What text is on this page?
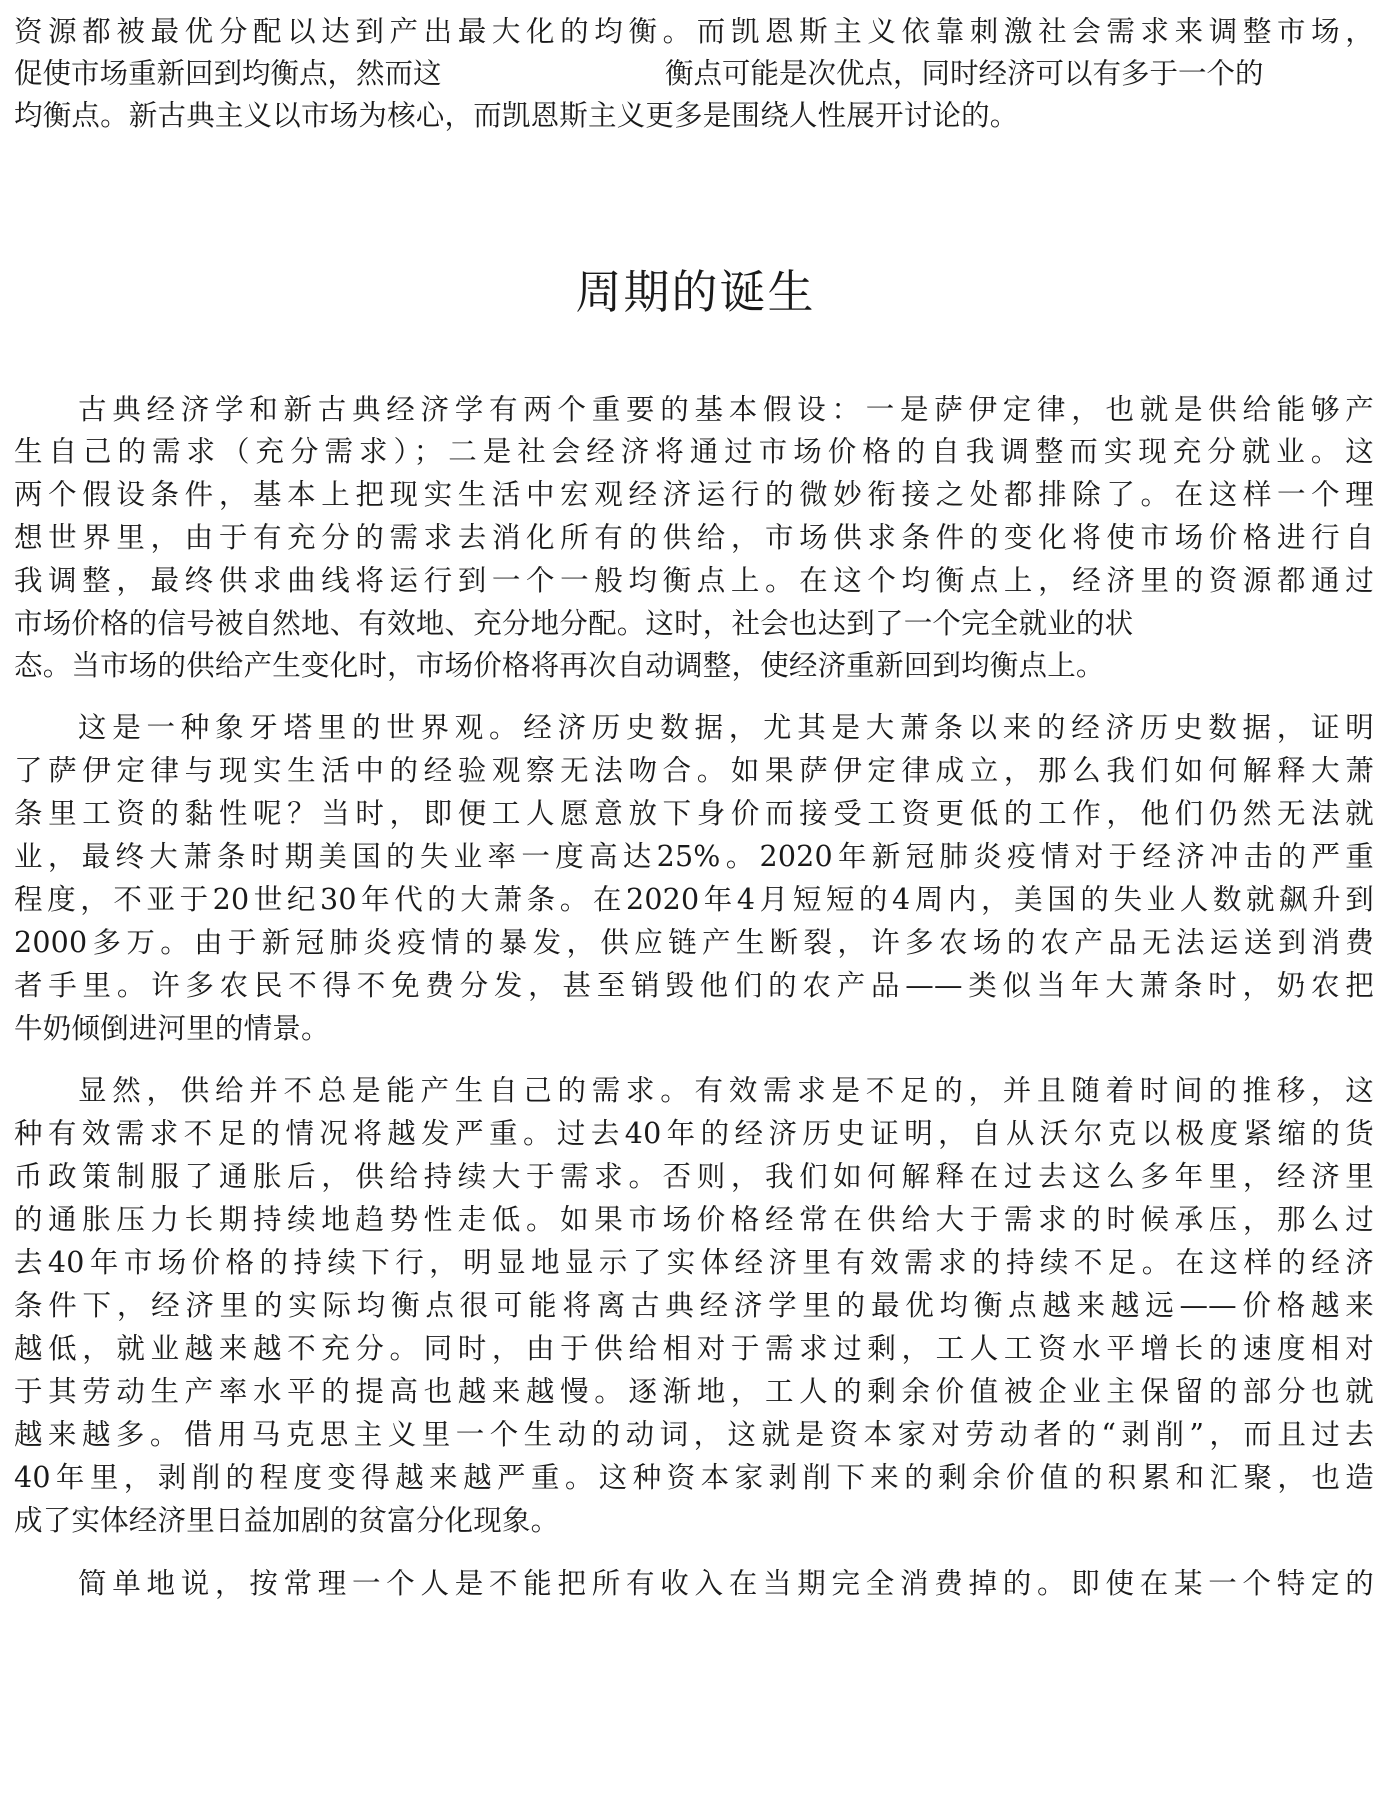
资源都被最优分配以达到产出最大化的均衡。而凯恩斯主义依靠刺激社会需求来调整市场，
促使市场重新回到均衡点，然而这	衡点可能是次优点，同时经济可以有多于一个的
均衡点。新古典主义以市场为核心，而凯恩斯主义更多是围绕人性展开讨论的。
周期的诞生
古典经济学和新古典经济学有两个重要的基本假设：一是萨伊定律，也就是供给能够产
生自己的需求（充分需求）；二是社会经济将通过市场价格的自我调整而实现充分就业。这
两个假设条件，基本上把现实生活中宏观经济运行的微妙衔接之处都排除了。在这样一个理
想世界里，由于有充分的需求去消化所有的供给，市场供求条件的变化将使市场价格进行自
我调整，最终供求曲线将运行到一个一般均衡点上。在这个均衡点上，经济里的资源都通过
市场价格的信号被自然地、有效地、充分地分配。这时，社会也达到了一个完全就业的状
态。当市场的供给产生变化时，市场价格将再次自动调整，使经济重新回到均衡点上。
这是一种象牙塔里的世界观。经济历史数据，尤其是大萧条以来的经济历史数据，证明
了萨伊定律与现实生活中的经验观察无法吻合。如果萨伊定律成立，那么我们如何解释大萧
条里工资的黏性呢？当时，即便工人愿意放下身价而接受工资更低的工作，他们仍然无法就
业，最终大萧条时期美国的失业率一度高达25%。2020年新冠肺炎疫情对于经济冲击的严重
程度，不亚于20世纪30年代的大萧条。在2020年4月短短的4周内，美国的失业人数就飙升到
2000多万。由于新冠肺炎疫情的暴发，供应链产生断裂，许多农场的农产品无法运送到消费
者手里。许多农民不得不免费分发，甚至销毁他们的农产品——类似当年大萧条时，奶农把
牛奶倾倒进河里的情景。
显然，供给并不总是能产生自己的需求。有效需求是不足的，并且随着时间的推移，这
种有效需求不足的情况将越发严重。过去40年的经济历史证明，自从沃尔克以极度紧缩的货
币政策制服了通胀后，供给持续大于需求。否则，我们如何解释在过去这么多年里，经济里
的通胀压力长期持续地趋势性走低。如果市场价格经常在供给大于需求的时候承压，那么过
去40年市场价格的持续下行，明显地显示了实体经济里有效需求的持续不足。在这样的经济
条件下，经济里的实际均衡点很可能将离古典经济学里的最优均衡点越来越远——价格越来
越低，就业越来越不充分。同时，由于供给相对于需求过剩，工人工资水平增长的速度相对
于其劳动生产率水平的提高也越来越慢。逐渐地，工人的剩余价值被企业主保留的部分也就
越来越多。借用马克思主义里一个生动的动词，这就是资本家对劳动者的“剥削”，而且过去
40年里，剥削的程度变得越来越严重。这种资本家剥削下来的剩余价值的积累和汇聚，也造
成了实体经济里日益加剧的贫富分化现象。
简单地说，按常理一个人是不能把所有收入在当期完全消费掉的。即使在某一个特定的
